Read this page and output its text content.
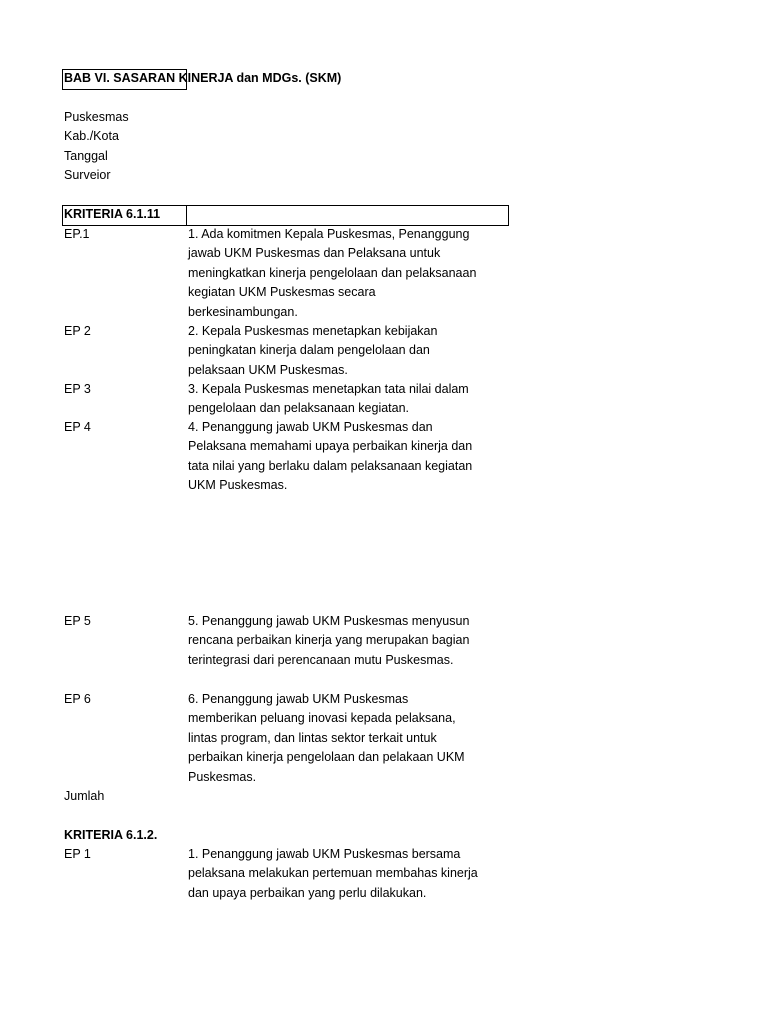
BAB VI. SASARAN KINERJA dan MDGs. (SKM)
Puskesmas
Kab./Kota
Tanggal
Surveior
KRITERIA 6.1.11
EP.1	1. Ada komitmen Kepala Puskesmas, Penanggung jawab UKM Puskesmas dan Pelaksana untuk meningkatkan kinerja pengelolaan dan pelaksanaan kegiatan UKM Puskesmas secara berkesinambungan.
EP 2	2. Kepala Puskesmas menetapkan kebijakan peningkatan kinerja dalam pengelolaan dan pelaksaan UKM Puskesmas.
EP 3	3. Kepala Puskesmas menetapkan tata nilai dalam pengelolaan dan pelaksanaan kegiatan.
EP 4	4. Penanggung jawab UKM Puskesmas dan Pelaksana memahami upaya perbaikan kinerja dan tata nilai yang berlaku dalam pelaksanaan kegiatan UKM Puskesmas.
EP 5	5. Penanggung jawab UKM Puskesmas menyusun rencana perbaikan kinerja yang merupakan bagian terintegrasi dari perencanaan mutu Puskesmas.
EP 6	6. Penanggung jawab UKM Puskesmas memberikan peluang inovasi kepada pelaksana, lintas program, dan lintas sektor terkait untuk perbaikan kinerja pengelolaan dan pelakaan UKM Puskesmas.
Jumlah
KRITERIA 6.1.2.
EP 1	1. Penanggung jawab UKM Puskesmas bersama pelaksana melakukan pertemuan membahas kinerja dan upaya perbaikan yang perlu dilakukan.
